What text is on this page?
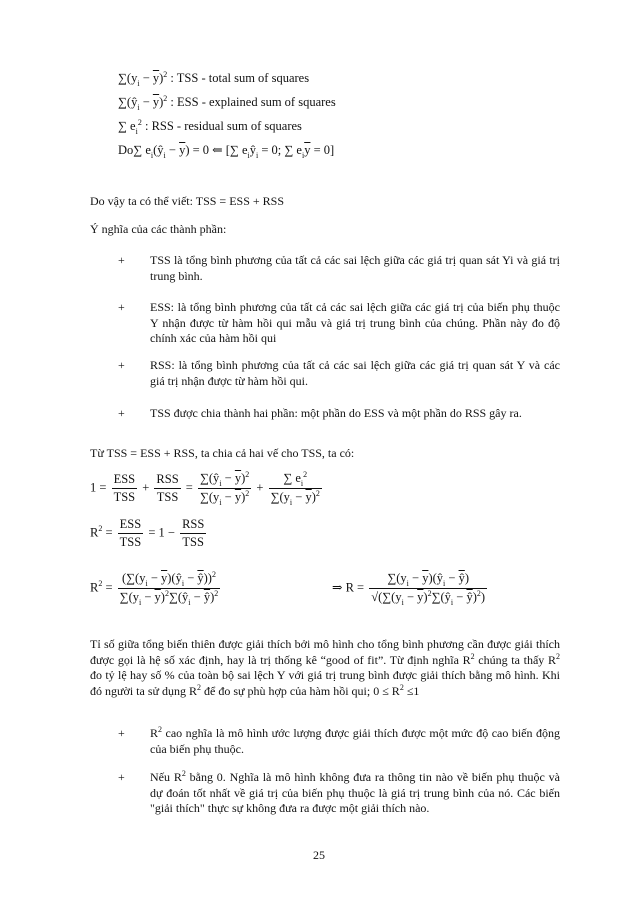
$\sum(y_i - \overline{y})^2$ : TSS - total sum of squares
$\sum(ŷ_i - \overline{y})^2$ : ESS - explained sum of squares
∑ $e_i^2$ : RSS - residual sum of squares
Do∑ $e_i(ŷ_i - \overline{y}) = 0$ ⇐ [∑ $e_iŷ_i = 0$; ∑ $e_i\overline{y} = 0$]
Do vậy ta có thể viết: TSS = ESS + RSS
Ý nghĩa của các thành phần:
+ TSS là tổng bình phương của tất cả các sai lệch giữa các giá trị quan sát Yi và giá trị trung bình.
+ ESS: là tổng bình phương của tất cả các sai lệch giữa các giá trị của biến phụ thuộc Y nhận được từ hàm hồi qui mẫu và giá trị trung bình của chúng. Phần này đo độ chính xác của hàm hồi qui
+ RSS: là tổng bình phương của tất cả các sai lệch giữa các giá trị quan sát Y và các giá trị nhận được từ hàm hồi qui.
+ TSS được chia thành hai phần: một phần do ESS và một phần do RSS gây ra.
Từ TSS = ESS + RSS, ta chia cả hai vế cho TSS, ta có:
$1 = \frac{\text{ESS}}{\text{TSS}} + \frac{\text{RSS}}{\text{TSS}} = \frac{\sum(ŷ_i - \overline{y})^2}{\sum(y_i - \overline{y})^2} + \frac{\sum e_i^2}{\sum(y_i - \overline{y})^2}$
$R^2 = \frac{\text{ESS}}{\text{TSS}} = 1 - \frac{\text{RSS}}{\text{TSS}}$
$R^2 = \frac{(\sum(y_i - \overline{y})(ŷ_i - \overline{ŷ}))^2}{\sum(y_i - \overline{y})^2\sum(ŷ_i - \overline{ŷ})^2}$	⇒ $R = \frac{\sum(y_i - \overline{y})(ŷ_i - \overline{ŷ})}{√(\sum(y_i - \overline{y})^2\sum(ŷ_i - \overline{ŷ})^2)}$
Tỉ số giữa tổng biến thiên được giải thích bởi mô hình cho tổng bình phương cần được giải thích được gọi là hệ số xác định, hay là trị thống kê “good of fit”. Từ định nghĩa $R^2$ chúng ta thấy $R^2$ đo tỷ lệ hay số % của toàn bộ sai lệch Y với giá trị trung bình được giải thích bằng mô hình. Khi đó người ta sử dụng $R^2$ để đo sự phù hợp của hàm hồi qui; $0 \le R^2 \le 1$
+ $R^2$ cao nghĩa là mô hình ước lượng được giải thích được một mức độ cao biến động của biến phụ thuộc.
+ Nếu $R^2$ bằng 0. Nghĩa là mô hình không đưa ra thông tin nào về biến phụ thuộc và dự đoán tốt nhất về giá trị của biến phụ thuộc là giá trị trung bình của nó. Các biến "giải thích" thực sự không đưa ra được một giải thích nào.
25
